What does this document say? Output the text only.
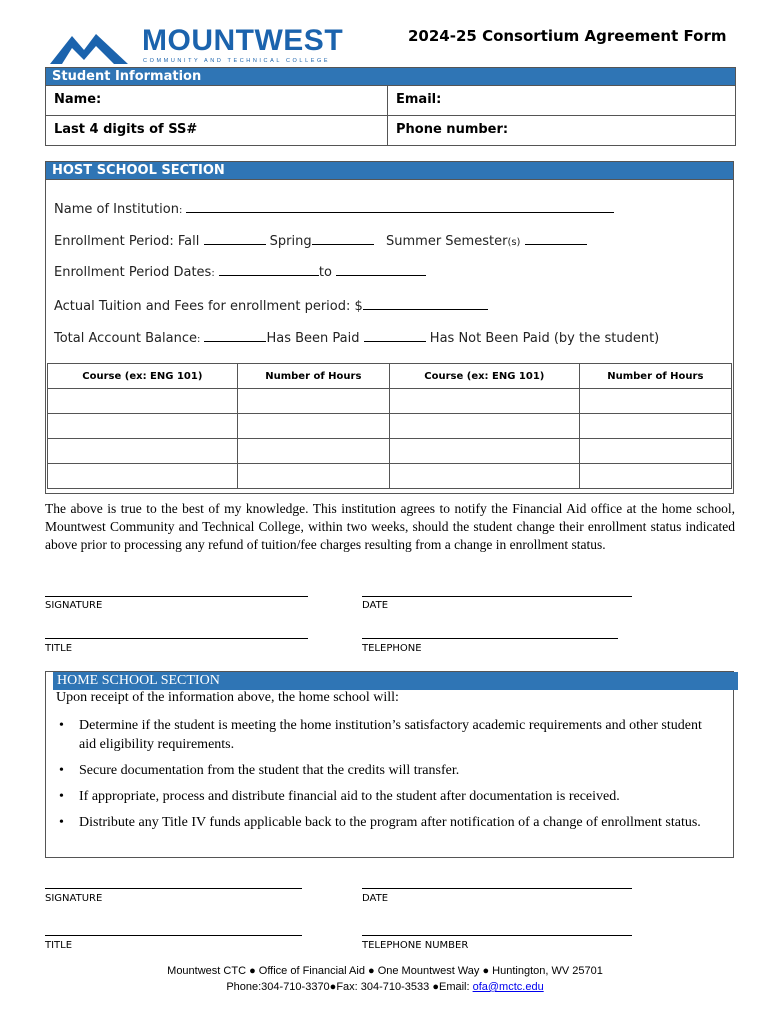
MOUNTWEST
COMMUNITY AND TECHNICAL COLLEGE
2024-25 Consortium Agreement Form
Student Information
Name:	Email:
Last 4 digits of SS#	Phone number:
HOST SCHOOL SECTION
Name of Institution:
Enrollment Period: Fall	Spring	Summer Semester(s)
Enrollment Period Dates:	to
Actual Tuition and Fees for enrollment period: $
Total Account Balance:	Has Been Paid	Has Not Been Paid (by the student)
Course (ex: ENG 101)	Number of Hours	Course (ex: ENG 101)	Number of Hours

The above is true to the best of my knowledge. This institution agrees to notify the Financial Aid office at the home school, Mountwest Community and Technical College, within two weeks, should the student change their enrollment status indicated above prior to processing any refund of tuition/fee charges resulting from a change in enrollment status.
SIGNATURE	DATE
TITLE	TELEPHONE
HOME SCHOOL SECTION
Upon receipt of the information above, the home school will:
• Determine if the student is meeting the home institution’s satisfactory academic requirements and other student aid eligibility requirements.
• Secure documentation from the student that the credits will transfer.
• If appropriate, process and distribute financial aid to the student after documentation is received.
• Distribute any Title IV funds applicable back to the program after notification of a change of enrollment status.
SIGNATURE	DATE
TITLE	TELEPHONE NUMBER
Mountwest CTC ● Office of Financial Aid ● One Mountwest Way ● Huntington, WV 25701
Phone:304-710-3370●Fax: 304-710-3533 ●Email: ofa@mctc.edu
